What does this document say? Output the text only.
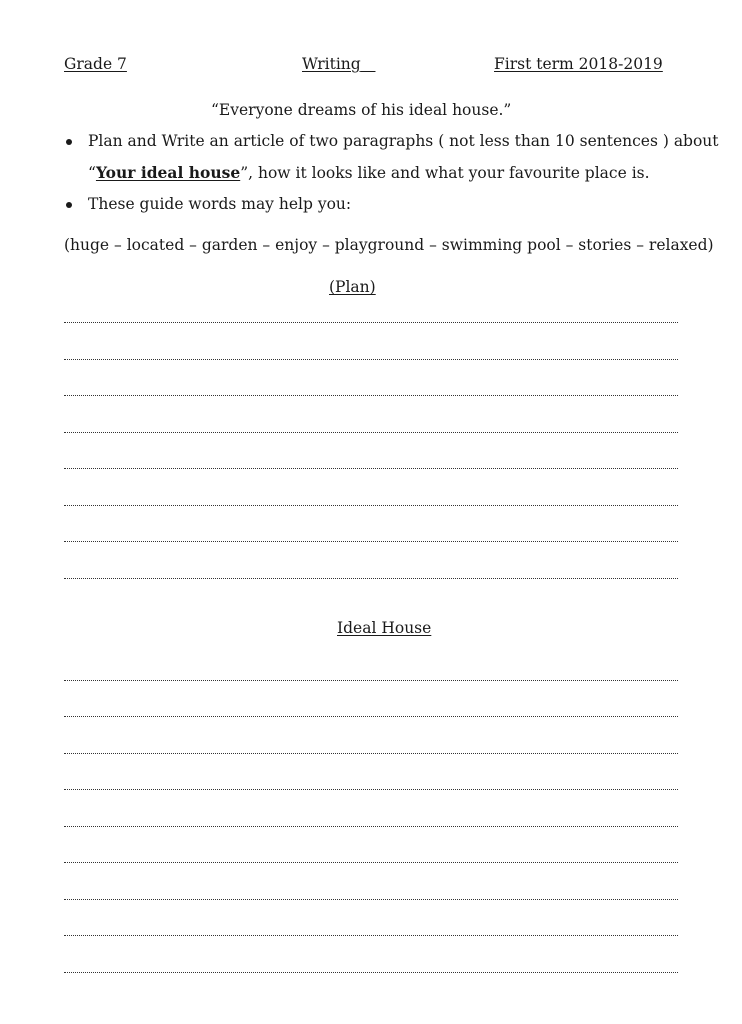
Grade 7	Writing	First term 2018-2019
“Everyone dreams of his ideal house.”
Plan and Write an article of two paragraphs ( not less than 10 sentences ) about
“Your ideal house”, how it looks like and what your favourite place is.
These guide words may help you:
(huge – located – garden – enjoy – playground – swimming pool – stories – relaxed)
(Plan)
Ideal House
